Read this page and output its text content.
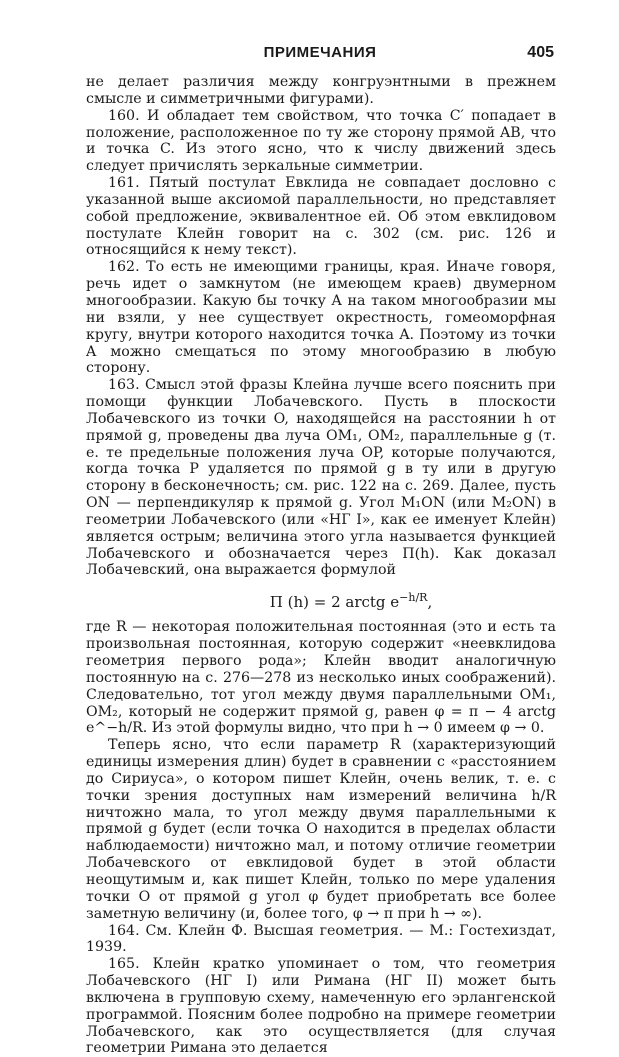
ПРИМЕЧАНИЯ	405

не делает различия между конгруэнтными в прежнем смысле и симметричными фигурами).

160. И обладает тем свойством, что точка C′ попадает в положение, расположенное по ту же сторону прямой AB, что и точка C. Из этого ясно, что к числу движений здесь следует причислять зеркальные симметрии.

161. Пятый постулат Евклида не совпадает дословно с указанной выше аксиомой параллельности, но представляет собой предложение, эквивалентное ей. Об этом евклидовом постулате Клейн говорит на с. 302 (см. рис. 126 и относящийся к нему текст).

162. То есть не имеющими границы, края. Иначе говоря, речь идет о замкнутом (не имеющем краев) двумерном многообразии. Какую бы точку A на таком многообразии мы ни взяли, у нее существует окрестность, гомеоморфная кругу, внутри которого находится точка A. Поэтому из точки A можно смещаться по этому многообразию в любую сторону.

163. Смысл этой фразы Клейна лучше всего пояснить при помощи функции Лобачевского. Пусть в плоскости Лобачевского из точки O, находящейся на расстоянии h от прямой g, проведены два луча OM₁, OM₂, параллельные g (т. е. те предельные положения луча OP, которые получаются, когда точка P удаляется по прямой g в ту или в другую сторону в бесконечность; см. рис. 122 на с. 269. Далее, пусть ON — перпендикуляр к прямой g. Угол M₁ON (или M₂ON) в геометрии Лобачевского (или «НГ I», как ее именует Клейн) является острым; величина этого угла называется функцией Лобачевского и обозначается через Π(h). Как доказал Лобачевский, она выражается формулой

Π (h) = 2 arctg $e^{-h/R}$,

где R — некоторая положительная постоянная (это и есть та произвольная постоянная, которую содержит «неевклидова геометрия первого рода»; Клейн вводит аналогичную постоянную на с. 276—278 из несколько иных соображений). Следовательно, тот угол между двумя параллельными OM₁, OM₂, который не содержит прямой g, равен φ = π − 4 arctg e^−h/R. Из этой формулы видно, что при h → 0 имеем φ → 0.

Теперь ясно, что если параметр R (характеризующий единицы измерения длин) будет в сравнении с «расстоянием до Сириуса», о котором пишет Клейн, очень велик, т. е. с точки зрения доступных нам измерений величина h/R ничтожно мала, то угол между двумя параллельными к прямой g будет (если точка O находится в пределах области наблюдаемости) ничтожно мал, и потому отличие геометрии Лобачевского от евклидовой будет в этой области неощутимым и, как пишет Клейн, только по мере удаления точки O от прямой g угол φ будет приобретать все более заметную величину (и, более того, φ → π при h → ∞).

164. См. Клейн Ф. Высшая геометрия. — М.: Гостехиздат, 1939.

165. Клейн кратко упоминает о том, что геометрия Лобачевского (НГ I) или Римана (НГ II) может быть включена в групповую схему, намеченную его эрлангенской программой. Поясним более подробно на примере геометрии Лобачевского, как это осуществляется (для случая геометрии Римана это делается
